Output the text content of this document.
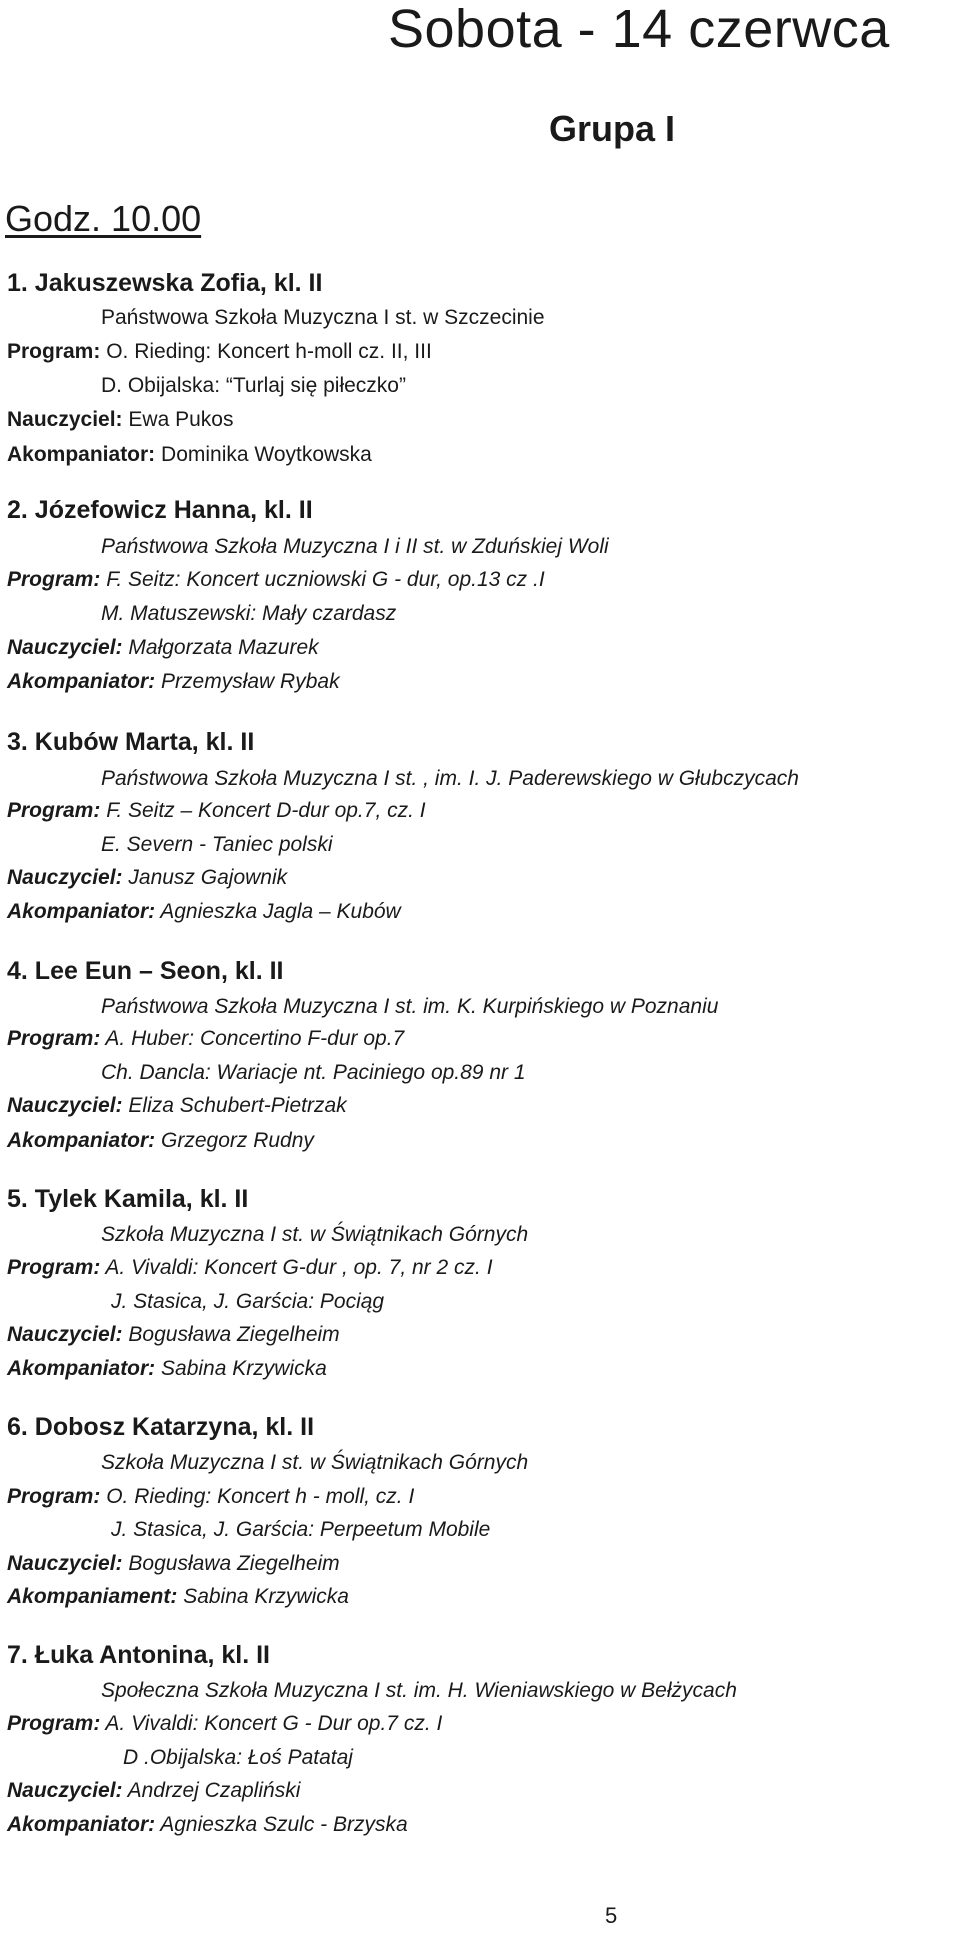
Sobota - 14 czerwca
Grupa I
Godz. 10.00
1. Jakuszewska Zofia, kl. II
Państwowa Szkoła Muzyczna I st. w Szczecinie
Program: O. Rieding: Koncert h-moll cz. II, III
D. Obijalska: “Turlaj się piłeczko”
Nauczyciel: Ewa Pukos
Akompaniator: Dominika Woytkowska
2. Józefowicz Hanna, kl. II
Państwowa Szkoła Muzyczna I i II st. w Zduńskiej Woli
Program: F. Seitz: Koncert uczniowski G - dur, op.13 cz .I
M. Matuszewski: Mały czardasz
Nauczyciel: Małgorzata Mazurek
Akompaniator: Przemysław Rybak
3. Kubów Marta, kl. II
Państwowa Szkoła Muzyczna I st. , im. I. J. Paderewskiego w Głubczycach
Program: F. Seitz – Koncert D-dur op.7, cz. I
E. Severn - Taniec polski
Nauczyciel: Janusz Gajownik
Akompaniator: Agnieszka Jagla – Kubów
4. Lee Eun – Seon, kl. II
Państwowa Szkoła Muzyczna I st. im. K. Kurpińskiego w Poznaniu
Program: A. Huber: Concertino F-dur op.7
Ch. Dancla: Wariacje nt. Paciniego op.89 nr 1
Nauczyciel: Eliza Schubert-Pietrzak
Akompaniator: Grzegorz Rudny
5. Tylek Kamila, kl. II
Szkoła Muzyczna I st. w Świątnikach Górnych
Program: A. Vivaldi: Koncert G-dur , op. 7, nr 2 cz. I
J. Stasica, J. Garścia: Pociąg
Nauczyciel: Bogusława Ziegelheim
Akompaniator: Sabina Krzywicka
6. Dobosz Katarzyna, kl. II
Szkoła Muzyczna I st. w Świątnikach Górnych
Program: O. Rieding: Koncert h - moll, cz. I
J. Stasica, J. Garścia: Perpeetum Mobile
Nauczyciel: Bogusława Ziegelheim
Akompaniament: Sabina Krzywicka
7. Łuka Antonina, kl. II
Społeczna Szkoła Muzyczna I st. im. H. Wieniawskiego w Bełżycach
Program: A. Vivaldi: Koncert G - Dur op.7 cz. I
D .Obijalska: Łoś Patataj
Nauczyciel: Andrzej Czapliński
Akompaniator: Agnieszka Szulc - Brzyska
5
